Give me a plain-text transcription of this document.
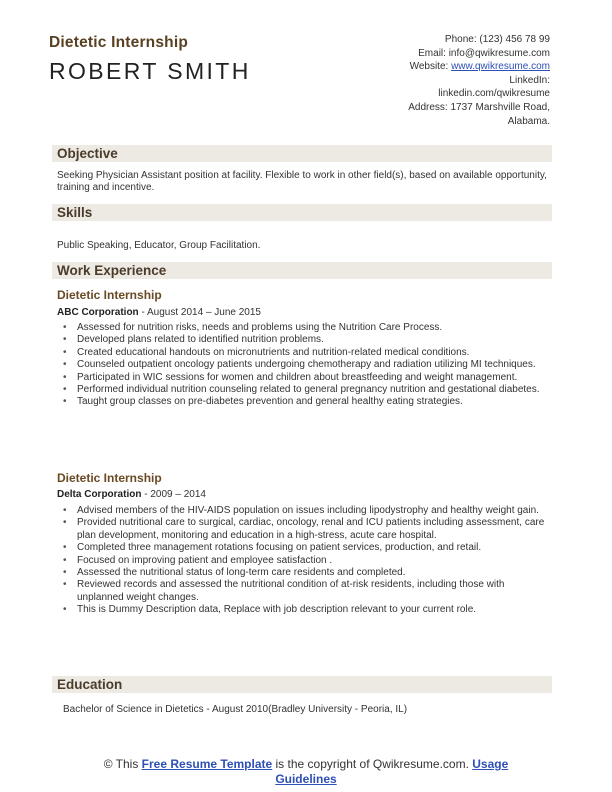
Dietetic Internship
ROBERT SMITH
Phone: (123) 456 78 99
Email: info@qwikresume.com
Website: www.qwikresume.com
LinkedIn:
linkedin.com/qwikresume
Address: 1737 Marshville Road,
Alabama.
Objective
Seeking Physician Assistant position at facility. Flexible to work in other field(s), based on available opportunity, training and incentive.
Skills
Public Speaking, Educator, Group Facilitation.
Work Experience
Dietetic Internship
ABC Corporation - August 2014 – June 2015
• Assessed for nutrition risks, needs and problems using the Nutrition Care Process.
• Developed plans related to identified nutrition problems.
• Created educational handouts on micronutrients and nutrition-related medical conditions.
• Counseled outpatient oncology patients undergoing chemotherapy and radiation utilizing MI techniques.
• Participated in WIC sessions for women and children about breastfeeding and weight management.
• Performed individual nutrition counseling related to general pregnancy nutrition and gestational diabetes.
• Taught group classes on pre-diabetes prevention and general healthy eating strategies.
Dietetic Internship
Delta Corporation - 2009 – 2014
• Advised members of the HIV-AIDS population on issues including lipodystrophy and healthy weight gain.
• Provided nutritional care to surgical, cardiac, oncology, renal and ICU patients including assessment, care plan development, monitoring and education in a high-stress, acute care hospital.
• Completed three management rotations focusing on patient services, production, and retail.
• Focused on improving patient and employee satisfaction .
• Assessed the nutritional status of long-term care residents and completed.
• Reviewed records and assessed the nutritional condition of at-risk residents, including those with unplanned weight changes.
• This is Dummy Description data, Replace with job description relevant to your current role.
Education
Bachelor of Science in Dietetics - August 2010(Bradley University - Peoria, IL)
© This Free Resume Template is the copyright of Qwikresume.com. Usage
Guidelines
